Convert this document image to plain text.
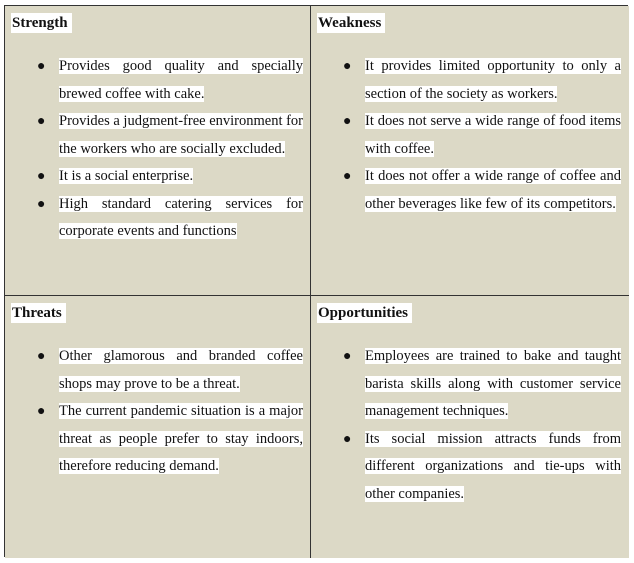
Strength
● Provides good quality and specially brewed coffee with cake.
● Provides a judgment-free environment for the workers who are socially excluded.
● It is a social enterprise.
● High standard catering services for corporate events and functions
Weakness
● It provides limited opportunity to only a section of the society as workers.
● It does not serve a wide range of food items with coffee.
● It does not offer a wide range of coffee and other beverages like few of its competitors.
Threats
● Other glamorous and branded coffee shops may prove to be a threat.
● The current pandemic situation is a major threat as people prefer to stay indoors, therefore reducing demand.
Opportunities
● Employees are trained to bake and taught barista skills along with customer service management techniques.
● Its social mission attracts funds from different organizations and tie-ups with other companies.
